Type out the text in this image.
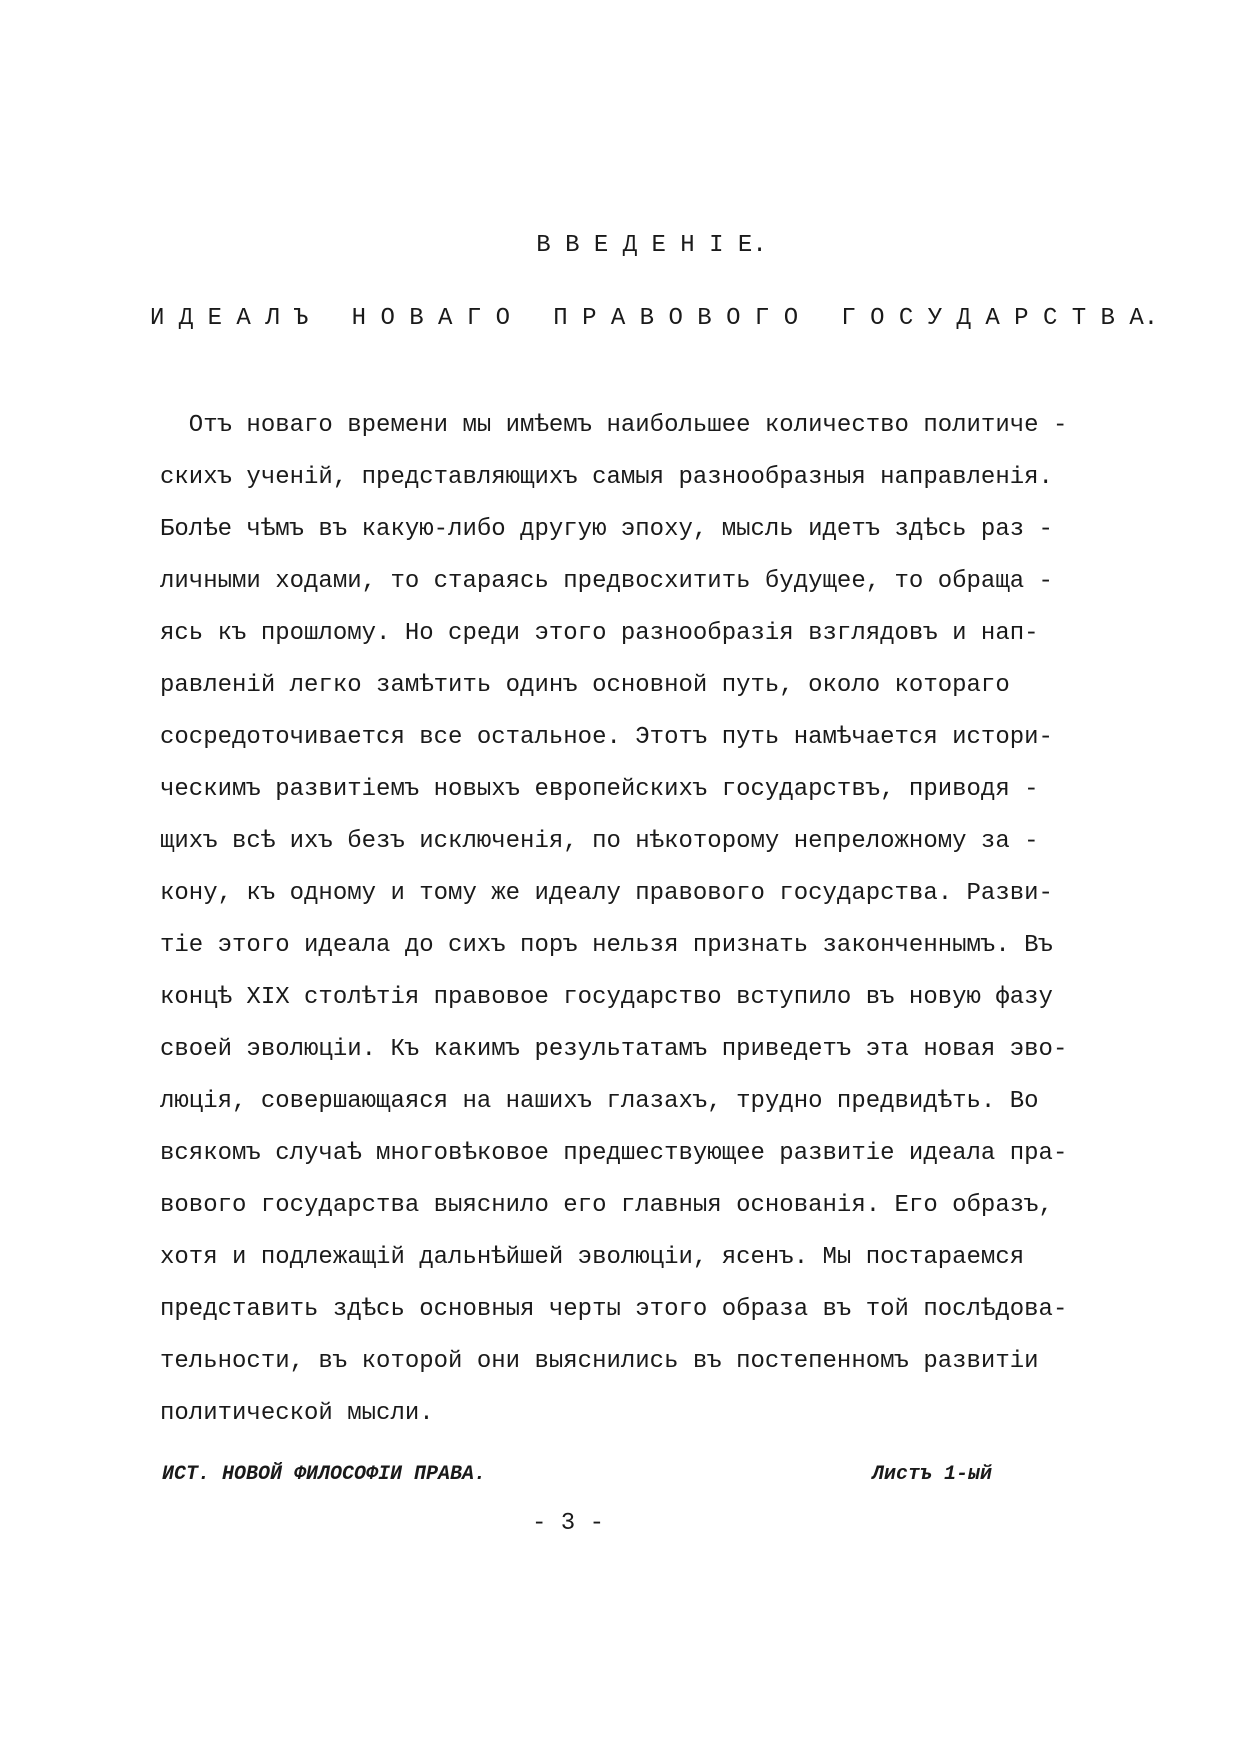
В В Е Д Е Н І Е.
И Д Е А Л Ъ   Н О В А Г О   П Р А В О В О Г О   Г О С У Д А Р С Т В А.
Отъ новаго времени мы имѣемъ наибольшее количество политиче -
скихъ ученій, представляющихъ самыя разнообразныя направленія.
Болѣе чѣмъ въ какую-либо другую эпоху, мысль идетъ здѣсь раз -
личными ходами, то стараясь предвосхитить будущее, то обраща -
ясь къ прошлому. Но среди этого разнообразія взглядовъ и нап-
равленій легко замѣтить одинъ основной путь, около котораго
сосредоточивается все остальное. Этотъ путь намѣчается истори-
ческимъ развитіемъ новыхъ европейскихъ государствъ, приводя -
щихъ всѣ ихъ безъ исключенія, по нѣкоторому непреложному за -
кону, къ одному и тому же идеалу правового государства. Разви-
тіе этого идеала до сихъ поръ нельзя признать законченнымъ. Въ
концѣ XIX столѣтія правовое государство вступило въ новую фазу
своей эволюціи. Къ какимъ результатамъ приведетъ эта новая эво-
люція, совершающаяся на нашихъ глазахъ, трудно предвидѣть. Во
всякомъ случаѣ многовѣковое предшествующее развитіе идеала пра-
вового государства выяснило его главныя основанія. Его образъ,
хотя и подлежащій дальнѣйшей эволюціи, ясенъ. Мы постараемся
представить здѣсь основныя черты этого образа въ той послѣдова-
тельности, въ которой они выяснились въ постепенномъ развитіи
политической мысли.
ИСТ. НОВОЙ ФИЛОСОФІИ ПРАВА.	Листъ 1-ый
- 3 -
